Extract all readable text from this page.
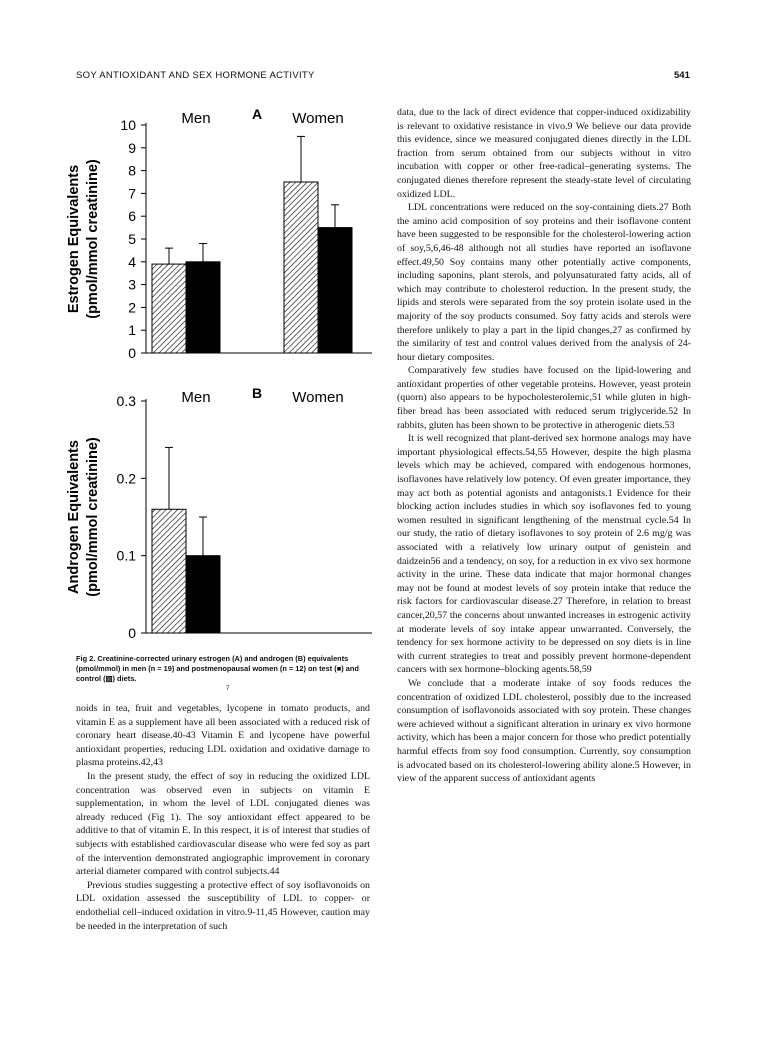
SOY ANTIOXIDANT AND SEX HORMONE ACTIVITY	541
0
1
2
3
4
5
6
7
8
9
10
Estrogen Equivalents (pmol/mmol creatinine)
Men	Women
A
0
0.1
0.2
0.3
Androgen Equivalents (pmol/mmol creatinine)
Men	Women
B
Fig 2. Creatinine-corrected urinary estrogen (A) and androgen (B) equivalents (pmol/mmol) in men (n = 19) and postmenopausal women (n = 12) on test (■) and control (▨) diets.
7

noids in tea, fruit and vegetables, lycopene in tomato products, and vitamin E as a supplement have all been associated with a reduced risk of coronary heart disease.40-43 Vitamin E and lycopene have powerful antioxidant properties, reducing LDL oxidation and oxidative damage to plasma proteins.42,43

In the present study, the effect of soy in reducing the oxidized LDL concentration was observed even in subjects on vitamin E supplementation, in whom the level of LDL conjugated dienes was already reduced (Fig 1). The soy antioxidant effect appeared to be additive to that of vitamin E. In this respect, it is of interest that studies of subjects with established cardiovascular disease who were fed soy as part of the intervention demonstrated angiographic improvement in coronary arterial diameter compared with control subjects.44

Previous studies suggesting a protective effect of soy isoflavonoids on LDL oxidation assessed the susceptibility of LDL to copper- or endothelial cell–induced oxidation in vitro.9-11,45 However, caution may be needed in the interpretation of such

data, due to the lack of direct evidence that copper-induced oxidizability is relevant to oxidative resistance in vivo.9 We believe our data provide this evidence, since we measured conjugated dienes directly in the LDL fraction from serum obtained from our subjects without in vitro incubation with copper or other free-radical–generating systems. The conjugated dienes therefore represent the steady-state level of circulating oxidized LDL.

LDL concentrations were reduced on the soy-containing diets.27 Both the amino acid composition of soy proteins and their isoflavone content have been suggested to be responsible for the cholesterol-lowering action of soy,5,6,46-48 although not all studies have reported an isoflavone effect.49,50 Soy contains many other potentially active components, including saponins, plant sterols, and polyunsaturated fatty acids, all of which may contribute to cholesterol reduction. In the present study, the lipids and sterols were separated from the soy protein isolate used in the majority of the soy products consumed. Soy fatty acids and sterols were therefore unlikely to play a part in the lipid changes,27 as confirmed by the similarity of test and control values derived from the analysis of 24-hour dietary composites.

Comparatively few studies have focused on the lipid-lowering and antioxidant properties of other vegetable proteins. However, yeast protein (quorn) also appears to be hypocholesterolemic,51 while gluten in high-fiber bread has been associated with reduced serum triglyceride.52 In rabbits, gluten has been shown to be protective in atherogenic diets.53

It is well recognized that plant-derived sex hormone analogs may have important physiological effects.54,55 However, despite the high plasma levels which may be achieved, compared with endogenous hormones, isoflavones have relatively low potency. Of even greater importance, they may act both as potential agonists and antagonists.1 Evidence for their blocking action includes studies in which soy isoflavones fed to young women resulted in significant lengthening of the menstrual cycle.54 In our study, the ratio of dietary isoflavones to soy protein of 2.6 mg/g was associated with a relatively low urinary output of genistein and daidzein56 and a tendency, on soy, for a reduction in ex vivo sex hormone activity in the urine. These data indicate that major hormonal changes may not be found at modest levels of soy protein intake that reduce the risk factors for cardiovascular disease.27 Therefore, in relation to breast cancer,20,57 the concerns about unwanted increases in estrogenic activity at moderate levels of soy intake appear unwarranted. Conversely, the tendency for sex hormone activity to be depressed on soy diets is in line with current strategies to treat and possibly prevent hormone-dependent cancers with sex hormone–blocking agents.58,59

We conclude that a moderate intake of soy foods reduces the concentration of oxidized LDL cholesterol, possibly due to the increased consumption of isoflavonoids associated with soy protein. These changes were achieved without a significant alteration in urinary ex vivo hormone activity, which has been a major concern for those who predict potentially harmful effects from soy food consumption. Currently, soy consumption is advocated based on its cholesterol-lowering ability alone.5 However, in view of the apparent success of antioxidant agents
